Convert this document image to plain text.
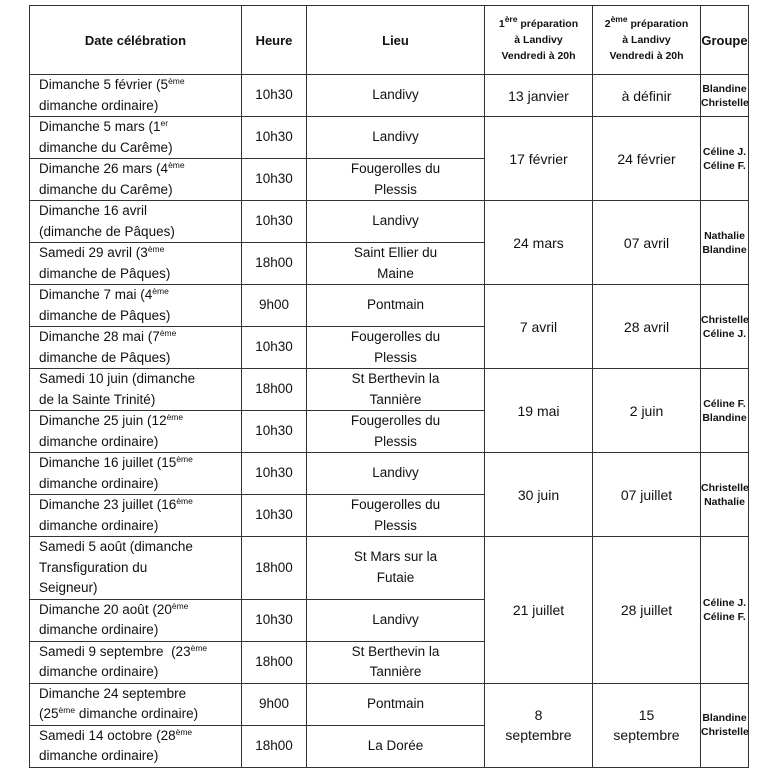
Date célébration	Heure	Lieu	1ère préparation
à Landivy
Vendredi à 20h	2ème préparation
à Landivy
Vendredi à 20h	Groupe

Dimanche 5 février (5ème
dimanche ordinaire)	10h30	Landivy	13 janvier	à définir	Blandine
Christelle

Dimanche 5 mars (1er
dimanche du Carême)	10h30	Landivy	17 février	24 février	Céline J.
Céline F.

Dimanche 26 mars (4ème
dimanche du Carême)	10h30	Fougerolles du
Plessis			

Dimanche 16 avril
(dimanche de Pâques)	10h30	Landivy	24 mars	07 avril	Nathalie
Blandine

Samedi 29 avril (3ème
dimanche de Pâques)	18h00	Saint Ellier du
Maine			

Dimanche 7 mai (4ème
dimanche de Pâques)	9h00	Pontmain	7 avril	28 avril	Christelle
Céline J.

Dimanche 28 mai (7ème
dimanche de Pâques)	10h30	Fougerolles du
Plessis			

Samedi 10 juin (dimanche
de la Sainte Trinité)	18h00	St Berthevin la
Tannière	19 mai	2 juin	Céline F.
Blandine

Dimanche 25 juin (12ème
dimanche ordinaire)	10h30	Fougerolles du
Plessis			

Dimanche 16 juillet (15ème
dimanche ordinaire)	10h30	Landivy	30 juin	07 juillet	Christelle
Nathalie

Dimanche 23 juillet (16ème
dimanche ordinaire)	10h30	Fougerolles du
Plessis			

Samedi 5 août (dimanche
Transfiguration du
Seigneur)	18h00	St Mars sur la
Futaie	21 juillet	28 juillet	Céline J.
Céline F.

Dimanche 20 août (20ème
dimanche ordinaire)	10h30	Landivy			

Samedi 9 septembre  (23ème
dimanche ordinaire)	18h00	St Berthevin la
Tannière			

Dimanche 24 septembre
(25ème dimanche ordinaire)	9h00	Pontmain	8
septembre	15
septembre	Blandine
Christelle

Samedi 14 octobre (28ème
dimanche ordinaire)	18h00	La Dorée			
